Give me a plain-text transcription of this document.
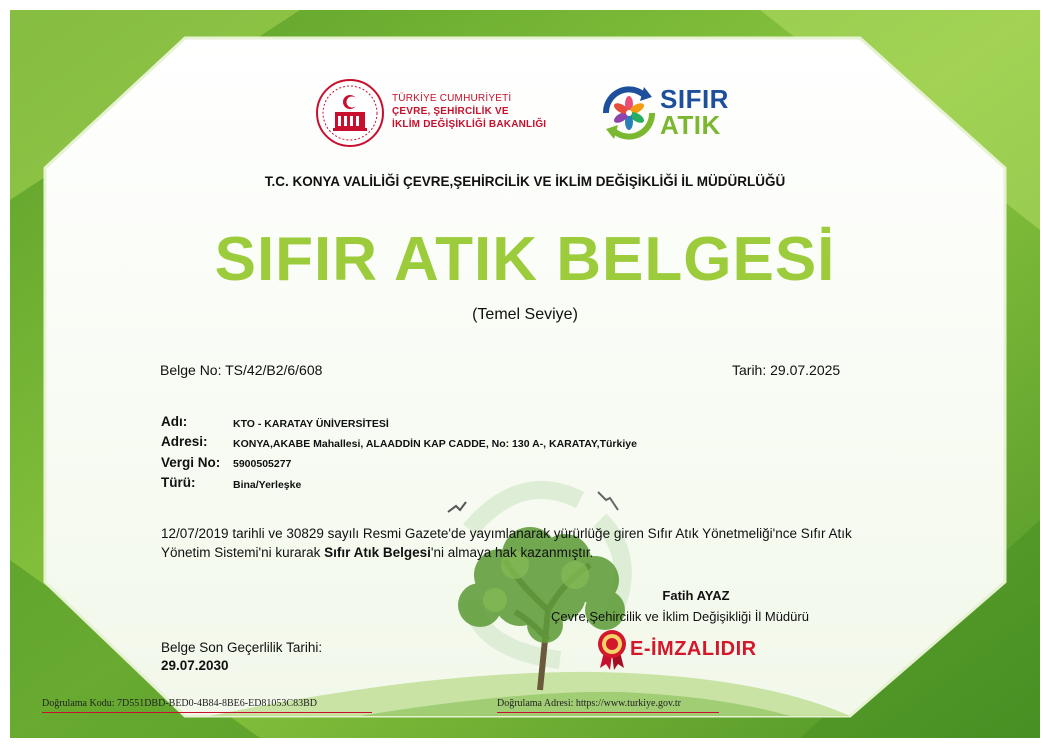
TÜRKİYE CUMHURİYETİ
ÇEVRE, ŞEHİRCİLİK VE
İKLİM DEĞİŞİKLİĞİ BAKANLIĞI
SIFIR
ATIK
T.C. KONYA VALİLİĞİ ÇEVRE,ŞEHİRCİLİK VE İKLİM DEĞİŞİKLİĞİ İL MÜDÜRLÜĞÜ
SIFIR ATIK BELGESİ
(Temel Seviye)
Belge No: TS/42/B2/6/608	Tarih: 29.07.2025
Adı:	KTO - KARATAY ÜNİVERSİTESİ
Adresi: KONYA,AKABE Mahallesi, ALAADDİN KAP CADDE, No: 130 A-, KARATAY,Türkiye
Vergi No: 5900505277
Türü:	Bina/Yerleşke
12/07/2019 tarihli ve 30829 sayılı Resmi Gazete'de yayımlanarak yürürlüğe giren Sıfır Atık Yönetmeliği'nce Sıfır Atık Yönetim Sistemi'ni kurarak Sıfır Atık Belgesi'ni almaya hak kazanmıştır.
Fatih AYAZ
Çevre,Şehircilik ve İklim Değişikliği İl Müdürü
E-İMZALIDIR
Belge Son Geçerlilik Tarihi:
29.07.2030
Doğrulama Kodu: 7D551DBD-BED0-4B84-8BE6-ED81053C83BD	Doğrulama Adresi: https://www.turkiye.gov.tr
